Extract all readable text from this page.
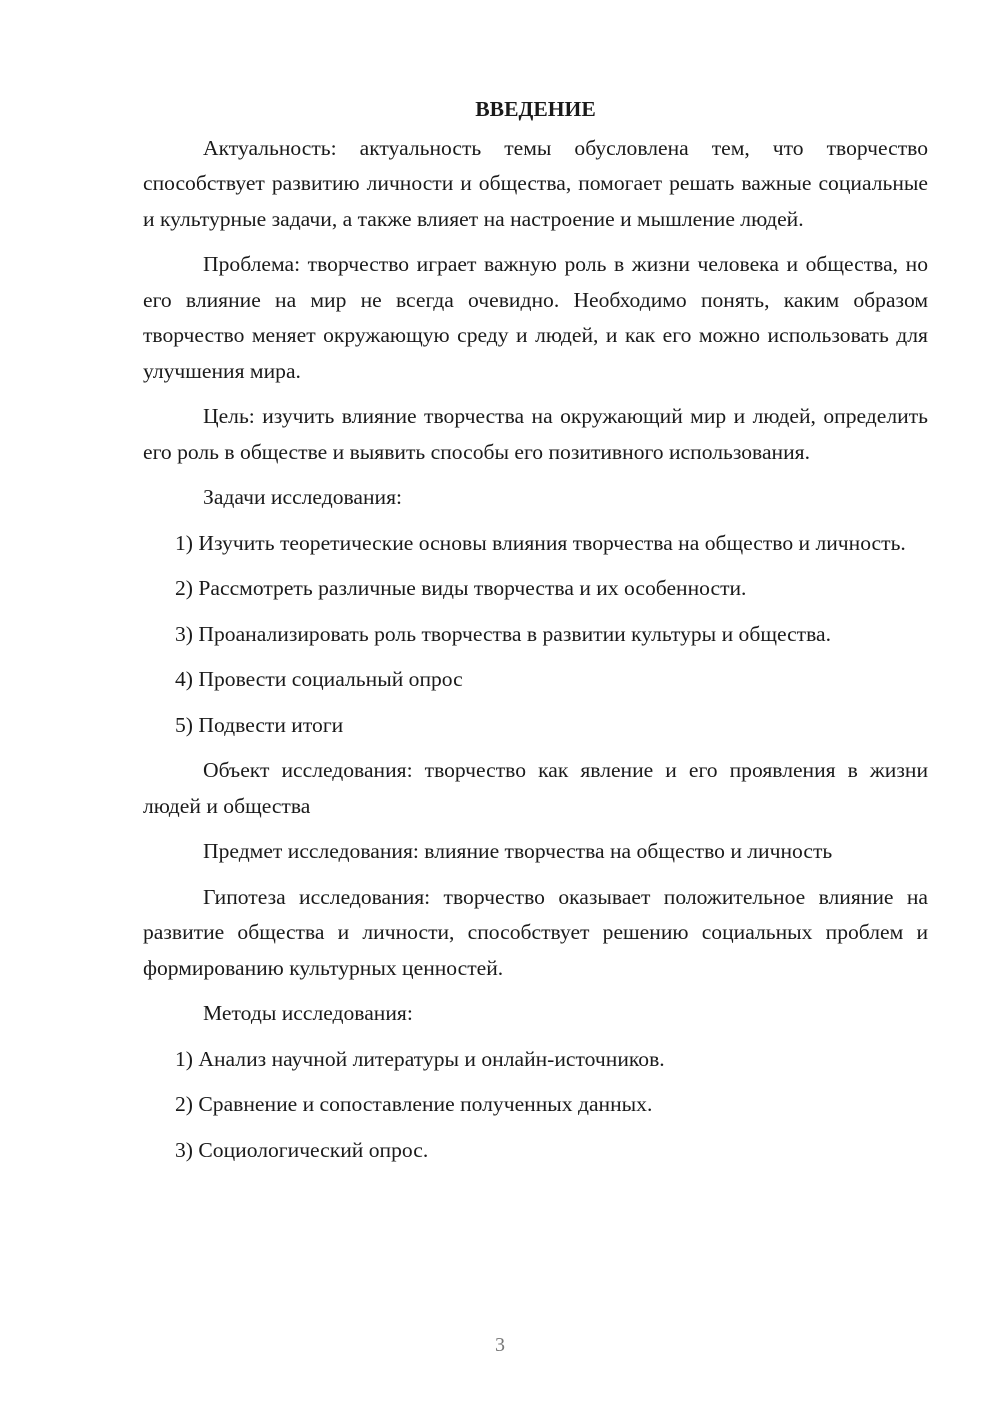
ВВЕДЕНИЕ

Актуальность: актуальность темы обусловлена тем, что творчество способствует развитию личности и общества, помогает решать важные социальные и культурные задачи, а также влияет на настроение и мышление людей.

Проблема: творчество играет важную роль в жизни человека и общества, но его влияние на мир не всегда очевидно. Необходимо понять, каким образом творчество меняет окружающую среду и людей, и как его можно использовать для улучшения мира.

Цель: изучить влияние творчества на окружающий мир и людей, определить его роль в обществе и выявить способы его позитивного использования.

Задачи исследования:

1) Изучить теоретические основы влияния творчества на общество и личность.

2) Рассмотреть различные виды творчества и их особенности.

3) Проанализировать роль творчества в развитии культуры и общества.

4) Провести социальный опрос

5) Подвести итоги

Объект исследования: творчество как явление и его проявления в жизни людей и общества

Предмет исследования: влияние творчества на общество и личность

Гипотеза исследования: творчество оказывает положительное влияние на развитие общества и личности, способствует решению социальных проблем и формированию культурных ценностей.

Методы исследования:

1) Анализ научной литературы и онлайн-источников.

2) Сравнение и сопоставление полученных данных.

3) Социологический опрос.

3
